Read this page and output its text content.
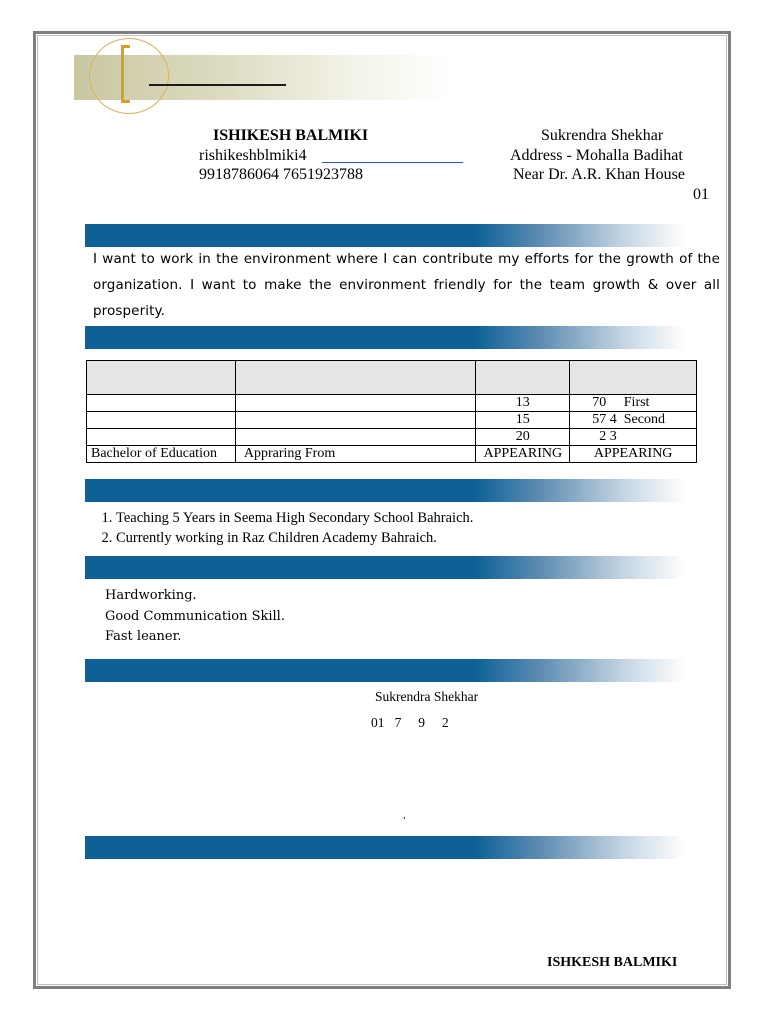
ISHIKESH BALMIKI
rishikeshblmiki4
9918786064 7651923788
Sukrendra Shekhar
Address - Mohalla Badihat
Near Dr. A.R. Khan House
01
I want to work in the environment where I can contribute my efforts for the growth of the organization. I want to make the environment friendly for the team growth & over all prosperity.

		13	70     First
		15	57 4  Second
		20	2 3
Bachelor of Education	Appraring From	APPEARING	APPEARING
1. Teaching 5 Years in Seema High Secondary School Bahraich.
2. Currently working in Raz Children Academy Bahraich.
Hardworking.
Good Communication Skill.
Fast leaner.
Sukrendra Shekhar
01   7     9     2
,
ISHKESH BALMIKI
